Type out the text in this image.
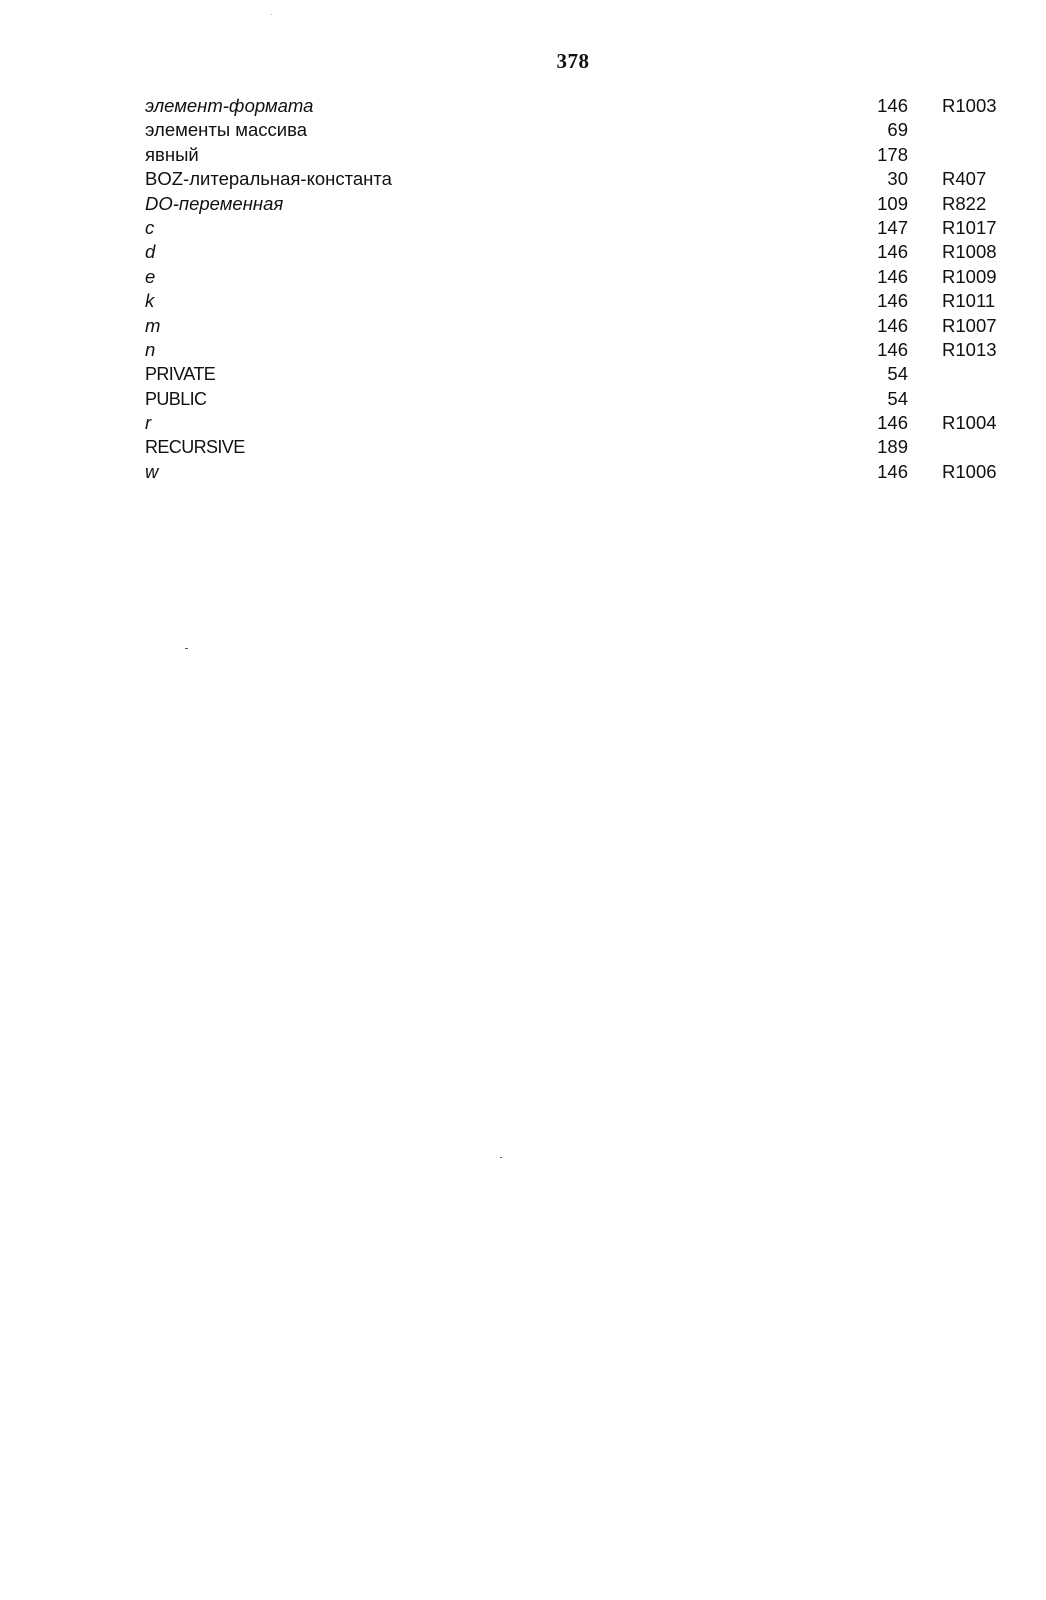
378
элемент-формата	146 R1003
элементы массива	69
явный	178
BOZ-литеральная-константа	30 R407
DO-переменная	109 R822
c	147 R1017
d	146 R1008
e	146 R1009
k	146 R1011
m	146 R1007
n	146 R1013
PRIVATE	54
PUBLIC	54
r	146 R1004
RECURSIVE	189
w	146 R1006
